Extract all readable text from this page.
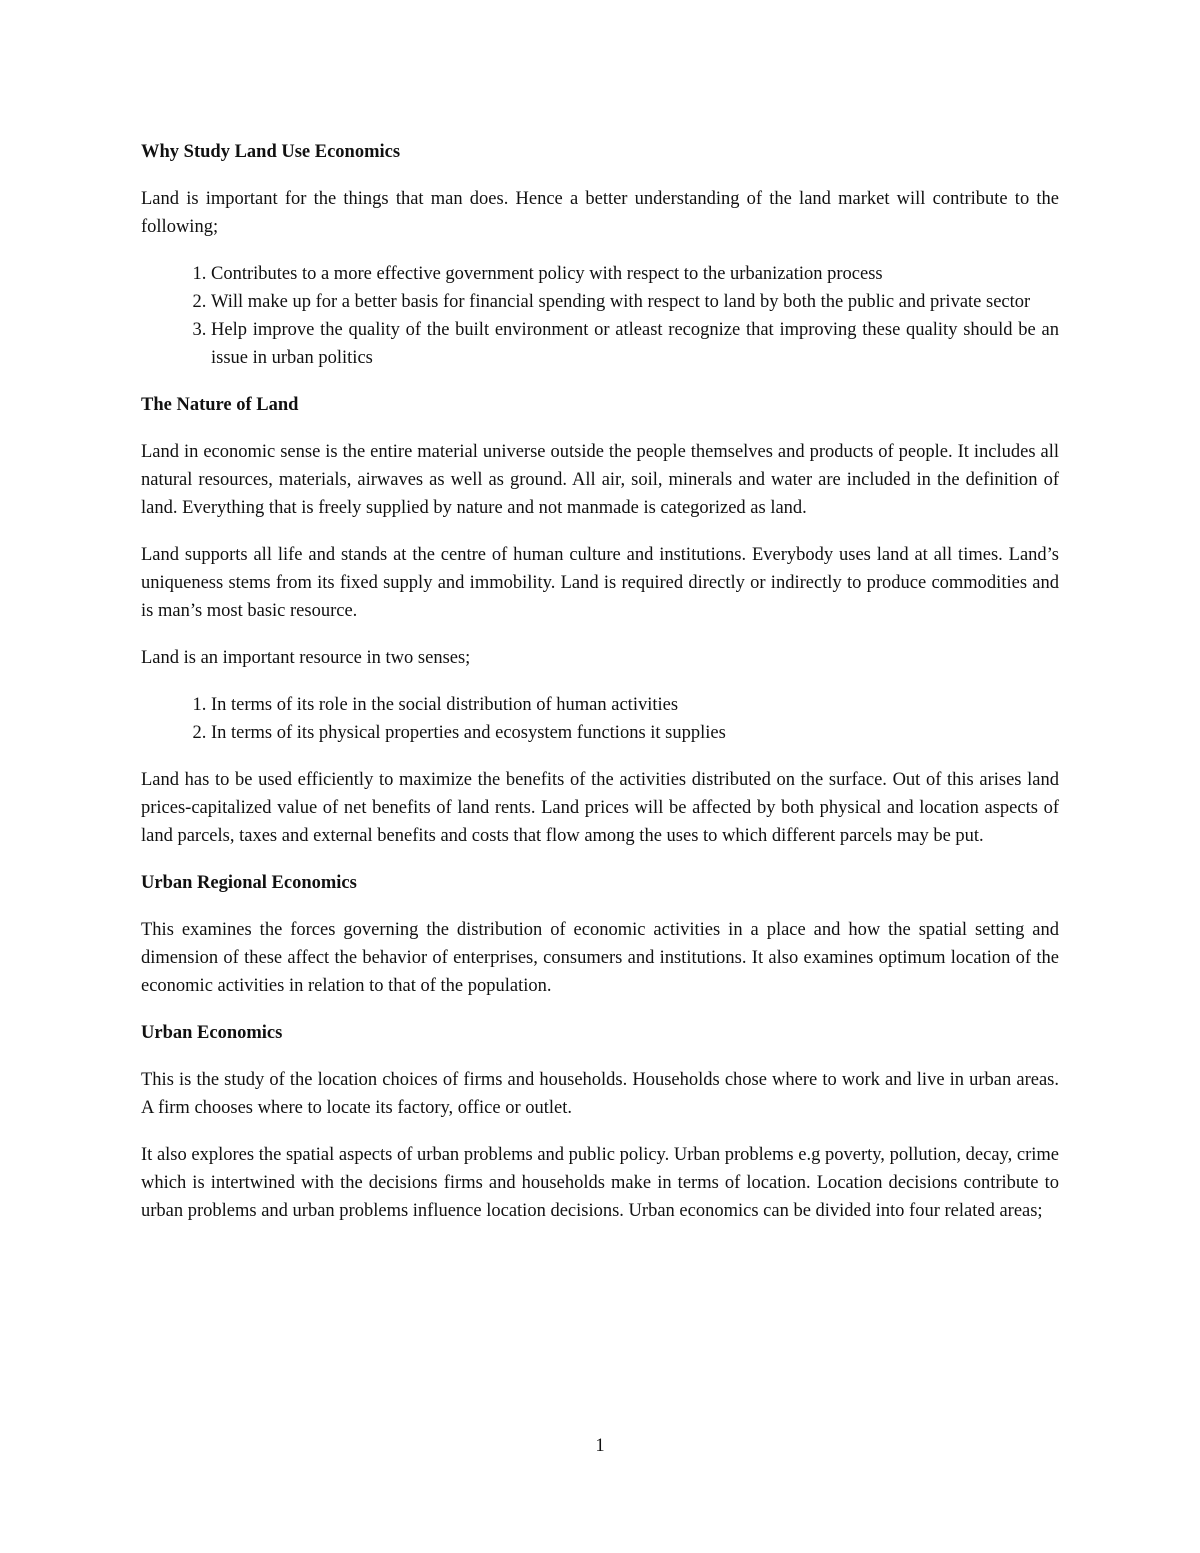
Why Study Land Use Economics

Land is important for the things that man does. Hence a better understanding of the land market will contribute to the following;

1. Contributes to a more effective government policy with respect to the urbanization process
2. Will make up for a better basis for financial spending with respect to land by both the public and private sector
3. Help improve the quality of the built environment or atleast recognize that improving these quality should be an issue in urban politics
The Nature of Land

Land in economic sense is the entire material universe outside the people themselves and products of people. It includes all natural resources, materials, airwaves as well as ground. All air, soil, minerals and water are included in the definition of land. Everything that is freely supplied by nature and not manmade is categorized as land.

Land supports all life and stands at the centre of human culture and institutions. Everybody uses land at all times. Land’s uniqueness stems from its fixed supply and immobility. Land is required directly or indirectly to produce commodities and is man’s most basic resource.

Land is an important resource in two senses;

1. In terms of its role in the social distribution of human activities
2. In terms of its physical properties and ecosystem functions it supplies

Land has to be used efficiently to maximize the benefits of the activities distributed on the surface. Out of this arises land prices-capitalized value of net benefits of land rents. Land prices will be affected by both physical and location aspects of land parcels, taxes and external benefits and costs that flow among the uses to which different parcels may be put.

Urban Regional Economics

This examines the forces governing the distribution of economic activities in a place and how the spatial setting and dimension of these affect the behavior of enterprises, consumers and institutions. It also examines optimum location of the economic activities in relation to that of the population.

Urban Economics

This is the study of the location choices of firms and households. Households chose where to work and live in urban areas. A firm chooses where to locate its factory, office or outlet.

It also explores the spatial aspects of urban problems and public policy. Urban problems e.g poverty, pollution, decay, crime which is intertwined with the decisions firms and households make in terms of location. Location decisions contribute to urban problems and urban problems influence location decisions. Urban economics can be divided into four related areas;

1
